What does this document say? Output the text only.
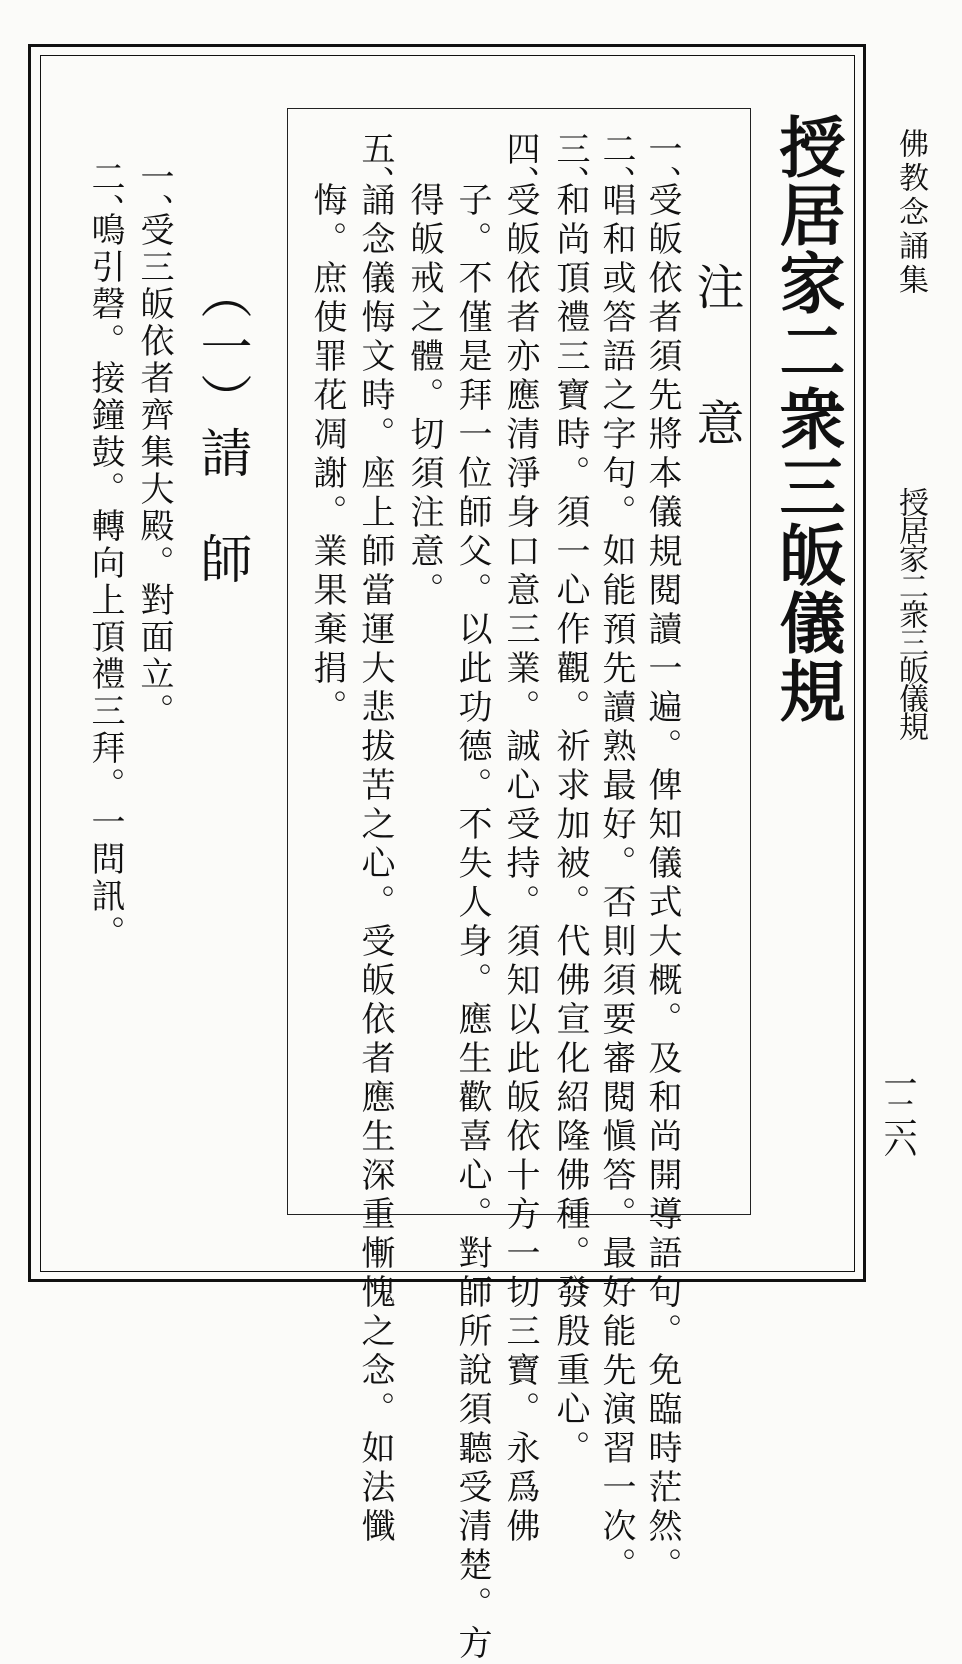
佛教念誦集
授居家二衆三皈儀規
一二六
授居家二衆三皈儀規
注　意
一、
受皈依者須先將本儀規閱讀一遍。俾知儀式大概。及和尚開導語句。免臨時茫然。
二、
唱和或答語之字句。如能預先讀熟最好。否則須要審閱愼答。最好能先演習一次。
三、
和尚頂禮三寶時。須一心作觀。祈求加被。代佛宣化紹隆佛種。發殷重心。
四、
受皈依者亦應清淨身口意三業。誠心受持。須知以此皈依十方一切三寶。永爲佛
子。不僅是拜一位師父。以此功德。不失人身。應生歡喜心。對師所說須聽受清楚。方
得皈戒之體。切須注意。
五、
誦念儀悔文時。座上師當運大悲拔苦之心。受皈依者應生深重慚愧之念。如法懺
悔。庶使罪花凋謝。業果棄捐。
（一）請　師
一、
受三皈依者齊集大殿。對面立。
二、
鳴引磬。接鐘鼓。轉向上頂禮三拜。一問訊。
